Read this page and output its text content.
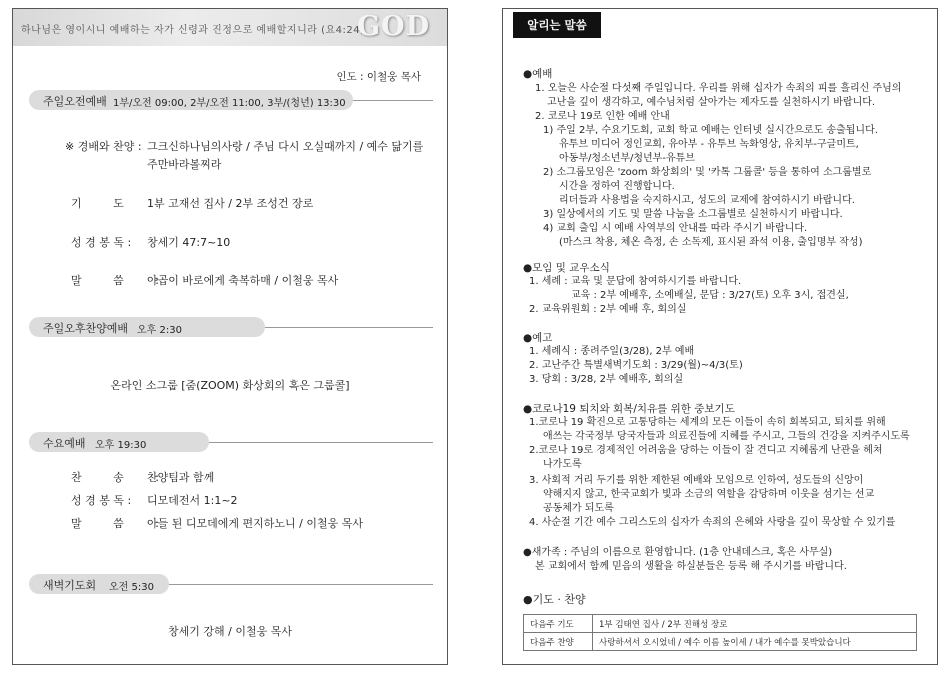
하나님은 영이시니 예배하는 자가 신령과 진정으로 예배할지니라 (요4:24)
GOD
인도 : 이철웅 목사
주일오전예배 1부/오전 09:00, 2부/오전 11:00, 3부/(청년) 13:30
※ 경배와 찬양 : 그크신하나님의사랑 / 주님 다시 오실때까지 / 예수 닮기를
주만바라볼찌라
기 도 :
1부 고재선 집사 / 2부 조성건 장로
성 경 봉 독 : 창세기 47:7~10
말 씀 :
야곱이 바로에게 축복하매 / 이철웅 목사
주일오후찬양예배 오후 2:30
온라인 소그룹 [줌(ZOOM) 화상회의 혹은 그룹콜]
수요예배 오후 19:30
찬 송 :
찬양팀과 함께
성 경 봉 독 : 디모데전서 1:1~2
말 씀 :
아들 된 디모데에게 편지하노니 / 이철웅 목사
새벽기도회 오전 5:30
창세기 강해 / 이철웅 목사
알리는 말씀
●예배
1. 오늘은 사순절 다섯째 주일입니다. 우리를 위해 십자가 속죄의 피를 흘리신 주님의
고난을 깊이 생각하고, 예수님처럼 살아가는 제자도를 실천하시기 바랍니다.
2. 코로나 19로 인한 예배 안내
1) 주일 2부, 수요기도회, 교회 학교 예배는 인터넷 실시간으로도 송출됩니다.
유투브 미디어 정인교회, 유아부 - 유투브 녹화영상, 유치부-구글미트,
아동부/청소년부/청년부-유튜브
2) 소그룹모임은 'zoom 화상회의' 및 '카톡 그룹콜' 등을 통하여 소그룹별로
시간을 정하여 진행합니다.
리더들과 사용법을 숙지하시고, 성도의 교제에 참여하시기 바랍니다.
3) 일상에서의 기도 및 말씀 나눔을 소그룹별로 실천하시기 바랍니다.
4) 교회 출입 시 예배 사역부의 안내를 따라 주시기 바랍니다.
(마스크 착용, 체온 측정, 손 소독제, 표시된 좌석 이용, 출입명부 작성)
●모임 및 교우소식
1. 세례 : 교육 및 문답에 참여하시기를 바랍니다.
교육 : 2부 예배후, 소예배실, 문답 : 3/27(토) 오후 3시, 접견실,
2. 교육위원회 : 2부 예배 후, 회의실
●예고
1. 세례식 : 종려주일(3/28), 2부 예배
2. 고난주간 특별새벽기도회 : 3/29(월)~4/3(토)
3. 당회 : 3/28, 2부 예배후, 회의실
●코로나19 퇴치와 회복/치유를 위한 중보기도
1.코로나 19 확진으로 고통당하는 세계의 모든 이들이 속히 회복되고, 퇴치를 위해
애쓰는 각국정부 당국자들과 의료진들에 지혜를 주시고, 그들의 건강을 지켜주시도록
2.코로나 19로 경제적인 어려움을 당하는 이들이 잘 견디고 지혜롭게 난관을 헤쳐
나가도록
3. 사회적 거리 두기를 위한 제한된 예배와 모임으로 인하여, 성도들의 신앙이
약해지지 않고, 한국교회가 빛과 소금의 역할을 감당하며 이웃을 섬기는 선교
공동체가 되도록
4. 사순절 기간 예수 그리스도의 십자가 속죄의 은혜와 사랑을 깊이 묵상할 수 있기를
●새가족 : 주님의 이름으로 환영합니다. (1층 안내데스크, 혹은 사무실)
본 교회에서 함께 믿음의 생활을 하실분들은 등록 해 주시기를 바랍니다.
●기도 · 찬양
다음주 기도	1부 김태연 집사 / 2부 진해성 장로
다음주 찬양	사랑하셔서 오시었네 / 예수 이름 높이세 / 내가 예수를 못박았습니다
